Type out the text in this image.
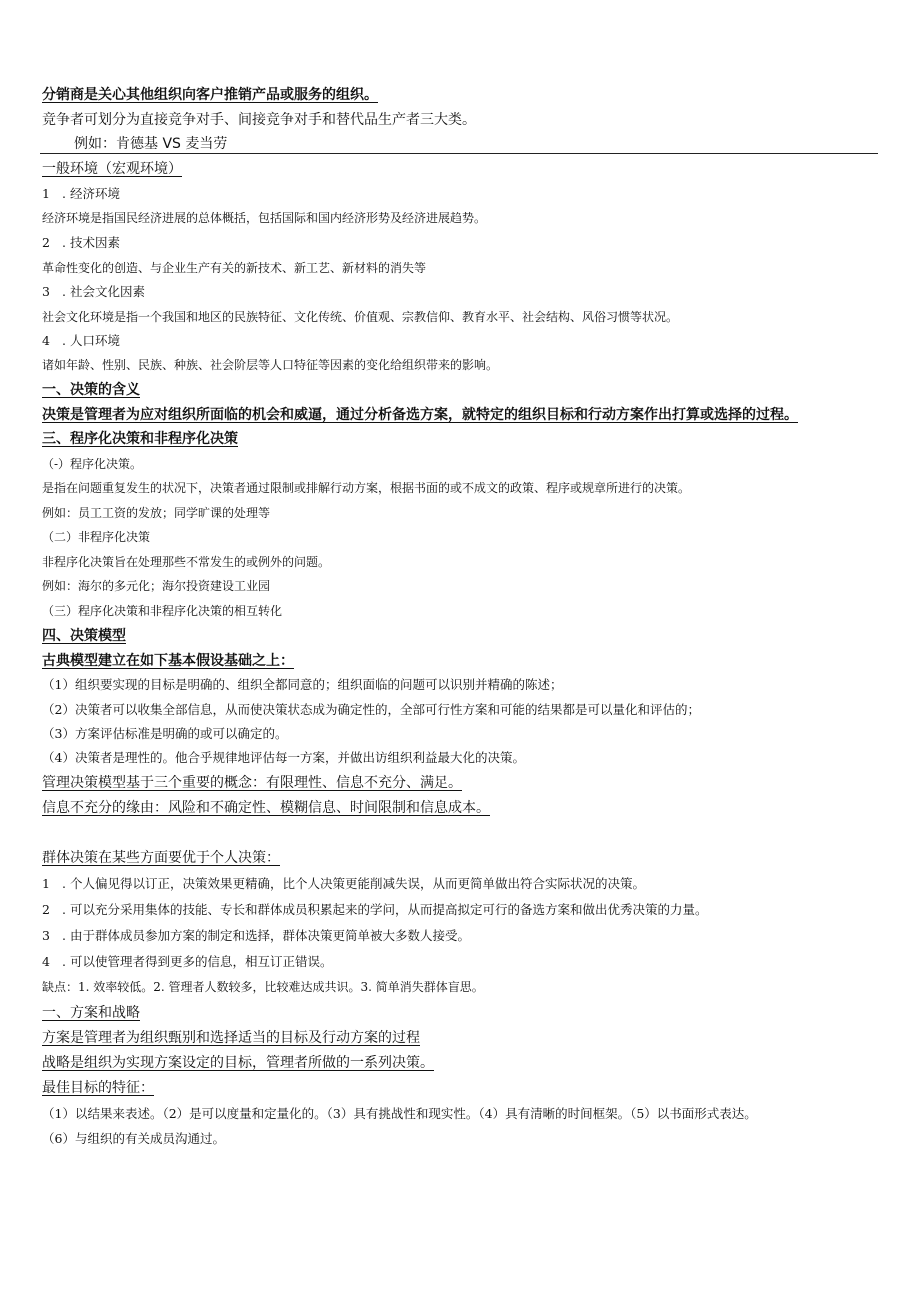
分销商是关心其他组织向客户推销产品或服务的组织。
竞争者可划分为直接竞争对手、间接竞争对手和替代品生产者三大类。
例如：肯德基 VS 麦当劳
一般环境（宏观环境）
1 . 经济环境
经济环境是指国民经济进展的总体概括，包括国际和国内经济形势及经济进展趋势。
2 . 技术因素
革命性变化的创造、与企业生产有关的新技术、新工艺、新材料的消失等
3 . 社会文化因素
社会文化环境是指一个我国和地区的民族特征、文化传统、价值观、宗教信仰、教育水平、社会结构、风俗习惯等状况。
4 . 人口环境
诸如年龄、性别、民族、种族、社会阶层等人口特征等因素的变化给组织带来的影响。
一、决策的含义
决策是管理者为应对组织所面临的机会和威逼，通过分析备选方案，就特定的组织目标和行动方案作出打算或选择的过程。
三、程序化决策和非程序化决策
（-）程序化决策。
是指在问题重复发生的状况下，决策者通过限制或排解行动方案，根据书面的或不成文的政策、程序或规章所进行的决策。
例如：员工工资的发放；同学旷课的处理等
（二）非程序化决策
非程序化决策旨在处理那些不常发生的或例外的问题。
例如：海尔的多元化；海尔投资建设工业园
（三）程序化决策和非程序化决策的相互转化
四、决策模型
古典模型建立在如下基本假设基础之上：
（1）组织要实现的目标是明确的、组织全都同意的；组织面临的问题可以识别并精确的陈述；
（2）决策者可以收集全部信息，从而使决策状态成为确定性的，全部可行性方案和可能的结果都是可以量化和评估的；
（3）方案评估标准是明确的或可以确定的。
（4）决策者是理性的。他合乎规律地评估每一方案，并做出访组织利益最大化的决策。
管理决策模型基于三个重要的概念：有限理性、信息不充分、满足。
信息不充分的缘由：风险和不确定性、模糊信息、时间限制和信息成本。
群体决策在某些方面要优于个人决策：
1 . 个人偏见得以订正，决策效果更精确，比个人决策更能削减失误，从而更简单做出符合实际状况的决策。
2 . 可以充分采用集体的技能、专长和群体成员积累起来的学问，从而提高拟定可行的备选方案和做出优秀决策的力量。
3 . 由于群体成员参加方案的制定和选择，群体决策更简单被大多数人接受。
4 . 可以使管理者得到更多的信息，相互订正错误。
缺点：1. 效率较低。2. 管理者人数较多，比较难达成共识。3. 简单消失群体盲思。
一、方案和战略
方案是管理者为组织甄别和选择适当的目标及行动方案的过程
战略是组织为实现方案设定的目标，管理者所做的一系列决策。
最佳目标的特征：
（1）以结果来表述。（2）是可以度量和定量化的。（3）具有挑战性和现实性。（4）具有清晰的时间框架。（5）以书面形式表达。
（6）与组织的有关成员沟通过。
